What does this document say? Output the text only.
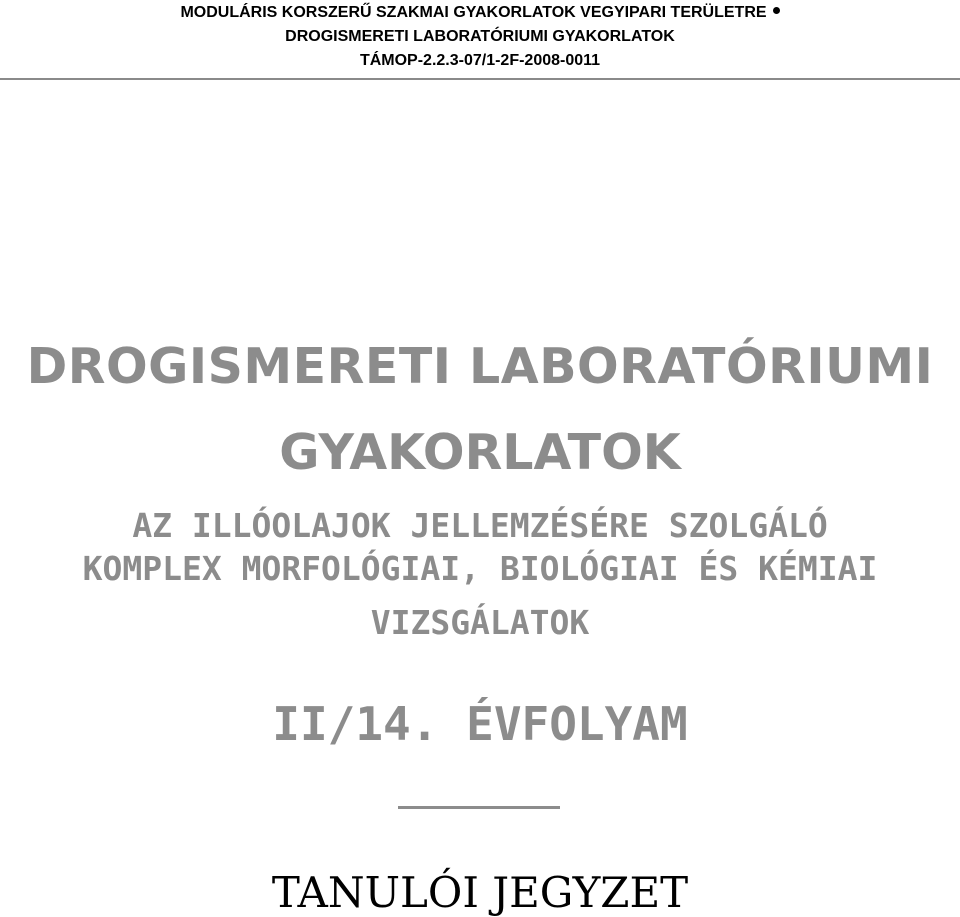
MODULÁRIS KORSZERŰ SZAKMAI GYAKORLATOK VEGYIPARI TERÜLETRE
DROGISMERETI LABORATÓRIUMI GYAKORLATOK
TÁMOP-2.2.3-07/1-2F-2008-0011
DROGISMERETI LABORATÓRIUMI
GYAKORLATOK
AZ ILLÓOLAJOK JELLEMZÉSÉRE SZOLGÁLÓ
KOMPLEX MORFOLÓGIAI, BIOLÓGIAI ÉS KÉMIAI
VIZSGÁLATOK
II/14. ÉVFOLYAM
TANULÓI JEGYZET
